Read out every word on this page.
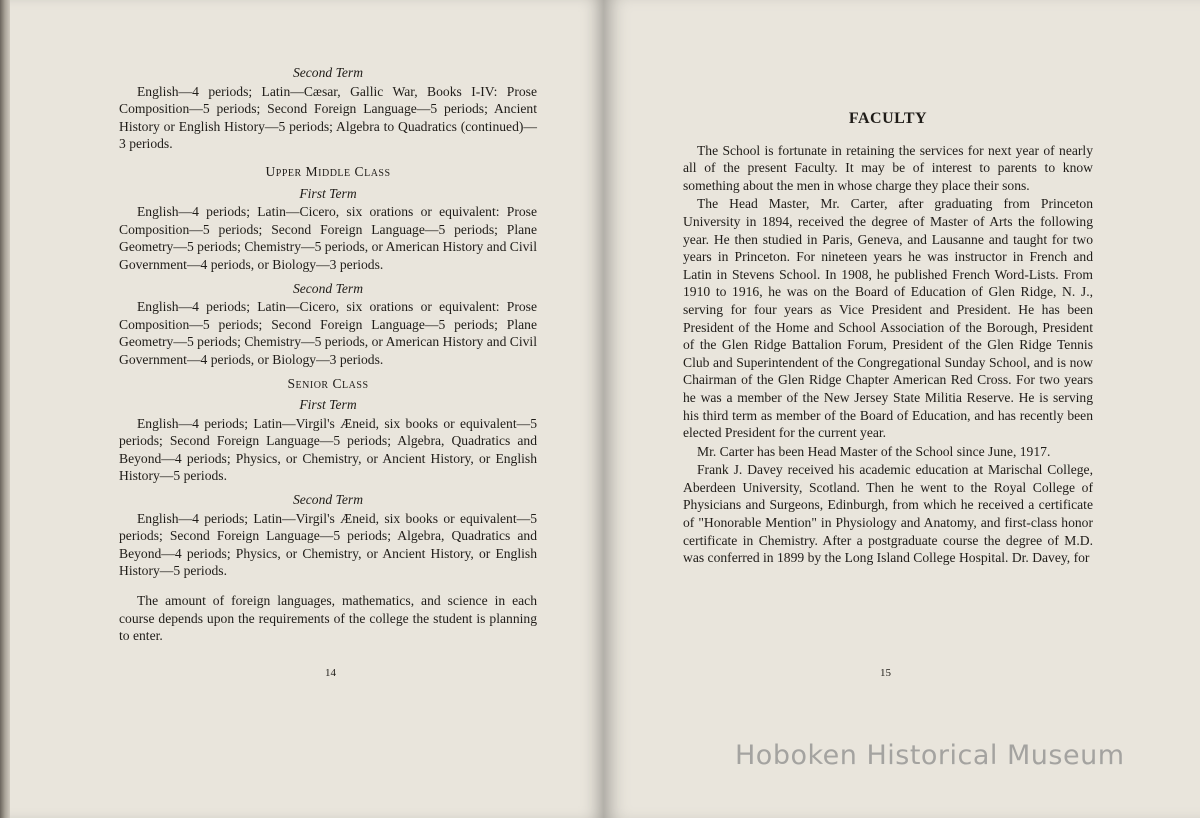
Second Term

English—4 periods; Latin—Cæsar, Gallic War, Books I-IV: Prose Composition—5 periods; Second Foreign Language—5 periods; Ancient History or English History—5 periods; Algebra to Quadratics (continued)—3 periods.

Upper Middle Class
First Term

English—4 periods; Latin—Cicero, six orations or equivalent: Prose Composition—5 periods; Second Foreign Language—5 periods; Plane Geometry—5 periods; Chemistry—5 periods, or American History and Civil Government—4 periods, or Biology—3 periods.

Second Term

English—4 periods; Latin—Cicero, six orations or equivalent: Prose Composition—5 periods; Second Foreign Language—5 periods; Plane Geometry—5 periods; Chemistry—5 periods, or American History and Civil Government—4 periods, or Biology—3 periods.

Senior Class
First Term

English—4 periods; Latin—Virgil's Æneid, six books or equivalent—5 periods; Second Foreign Language—5 periods; Algebra, Quadratics and Beyond—4 periods; Physics, or Chemistry, or Ancient History, or English History—5 periods.

Second Term

English—4 periods; Latin—Virgil's Æneid, six books or equivalent—5 periods; Second Foreign Language—5 periods; Algebra, Quadratics and Beyond—4 periods; Physics, or Chemistry, or Ancient History, or English History—5 periods.

The amount of foreign languages, mathematics, and science in each course depends upon the requirements of the college the student is planning to enter.

14
FACULTY

The School is fortunate in retaining the services for next year of nearly all of the present Faculty. It may be of interest to parents to know something about the men in whose charge they place their sons.

The Head Master, Mr. Carter, after graduating from Princeton University in 1894, received the degree of Master of Arts the following year. He then studied in Paris, Geneva, and Lausanne and taught for two years in Princeton. For nineteen years he was instructor in French and Latin in Stevens School. In 1908, he published French Word-Lists. From 1910 to 1916, he was on the Board of Education of Glen Ridge, N. J., serving for four years as Vice President and President. He has been President of the Home and School Association of the Borough, President of the Glen Ridge Battalion Forum, President of the Glen Ridge Tennis Club and Superintendent of the Congregational Sunday School, and is now Chairman of the Glen Ridge Chapter American Red Cross. For two years he was a member of the New Jersey State Militia Reserve. He is serving his third term as member of the Board of Education, and has recently been elected President for the current year.

Mr. Carter has been Head Master of the School since June, 1917.

Frank J. Davey received his academic education at Marischal College, Aberdeen University, Scotland. Then he went to the Royal College of Physicians and Surgeons, Edinburgh, from which he received a certificate of "Honorable Mention" in Physiology and Anatomy, and first-class honor certificate in Chemistry. After a postgraduate course the degree of M.D. was conferred in 1899 by the Long Island College Hospital. Dr. Davey, for

15
Hoboken Historical Museum
